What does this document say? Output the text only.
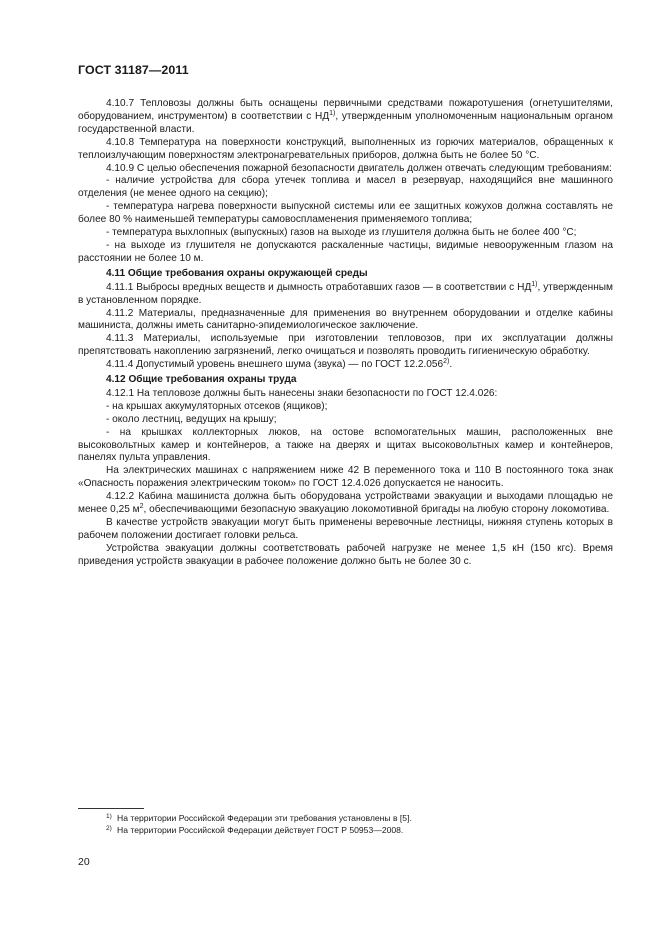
ГОСТ 31187—2011

4.10.7 Тепловозы должны быть оснащены первичными средствами пожаротушения (огнетушителями, оборудованием, инструментом) в соответствии с НД$^{1)}$, утвержденным уполномоченным национальным органом государственной власти.

4.10.8 Температура на поверхности конструкций, выполненных из горючих материалов, обращенных к теплоизлучающим поверхностям электронагревательных приборов, должна быть не более 50 °С.

4.10.9 С целью обеспечения пожарной безопасности двигатель должен отвечать следующим требованиям:

- наличие устройства для сбора утечек топлива и масел в резервуар, находящийся вне машинного отделения (не менее одного на секцию);

- температура нагрева поверхности выпускной системы или ее защитных кожухов должна составлять не более 80 % наименьшей температуры самовоспламенения применяемого топлива;

- температура выхлопных (выпускных) газов на выходе из глушителя должна быть не более 400 °С;

- на выходе из глушителя не допускаются раскаленные частицы, видимые невооруженным глазом на расстоянии не более 10 м.

4.11 Общие требования охраны окружающей среды

4.11.1 Выбросы вредных веществ и дымность отработавших газов — в соответствии с НД$^{1)}$, утвержденным в установленном порядке.

4.11.2 Материалы, предназначенные для применения во внутреннем оборудовании и отделке кабины машиниста, должны иметь санитарно-эпидемиологическое заключение.

4.11.3 Материалы, используемые при изготовлении тепловозов, при их эксплуатации должны препятствовать накоплению загрязнений, легко очищаться и позволять проводить гигиеническую обработку.

4.11.4 Допустимый уровень внешнего шума (звука) — по ГОСТ 12.2.056$^{2)}$.

4.12 Общие требования охраны труда

4.12.1 На тепловозе должны быть нанесены знаки безопасности по ГОСТ 12.4.026:

- на крышах аккумуляторных отсеков (ящиков);

- около лестниц, ведущих на крышу;

- на крышках коллекторных люков, на остове вспомогательных машин, расположенных вне высоковольтных камер и контейнеров, а также на дверях и щитах высоковольтных камер и контейнеров, панелях пульта управления.

На электрических машинах с напряжением ниже 42 В переменного тока и 110 В постоянного тока знак «Опасность поражения электрическим током» по ГОСТ 12.4.026 допускается не наносить.

4.12.2 Кабина машиниста должна быть оборудована устройствами эвакуации и выходами площадью не менее 0,25 $м^2$, обеспечивающими безопасную эвакуацию локомотивной бригады на любую сторону локомотива.

В качестве устройств эвакуации могут быть применены веревочные лестницы, нижняя ступень которых в рабочем положении достигает головки рельса.

Устройства эвакуации должны соответствовать рабочей нагрузке не менее 1,5 кН (150 кгс). Время приведения устройств эвакуации в рабочее положение должно быть не более 30 с.

1) На территории Российской Федерации эти требования установлены в [5].
2) На территории Российской Федерации действует ГОСТ Р 50953—2008.
20
